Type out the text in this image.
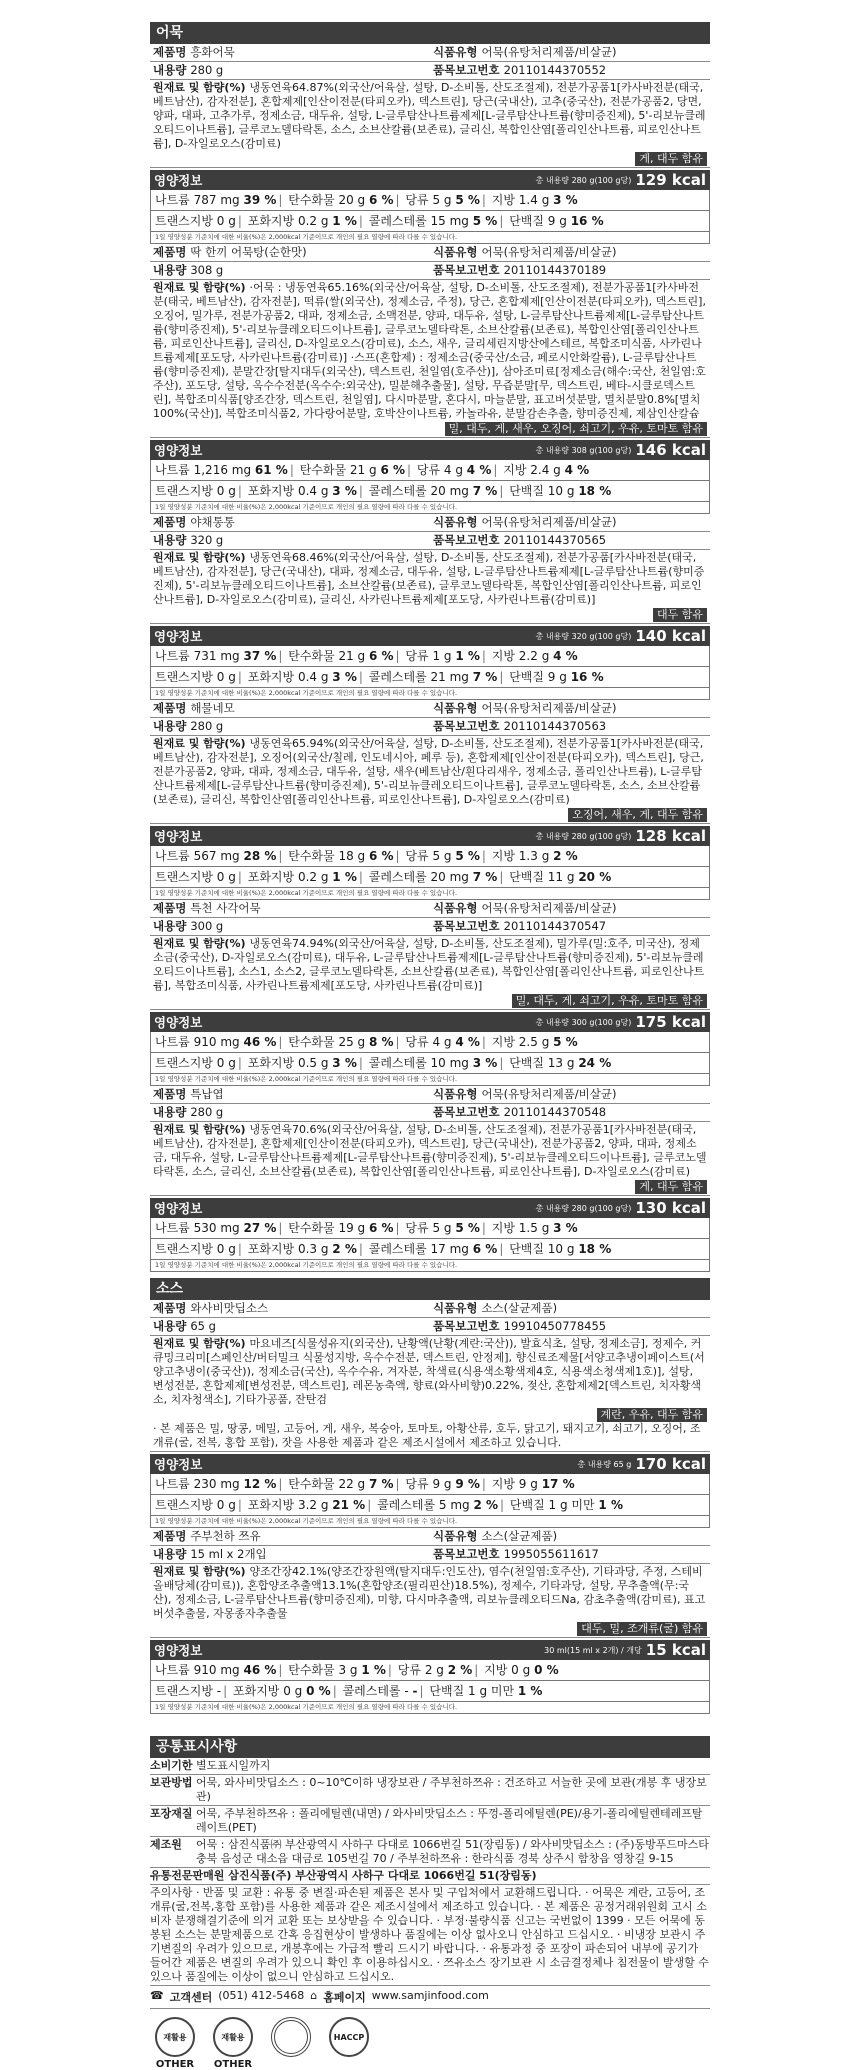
어묵
제품명 흥화어묵	식품유형 어묵(유탕처리제품/비살균)
내용량 280 g	품목보고번호 20110144370552
원재료 및 함량(%) 냉동연육64.87%(외국산/어육살, 설탕, D-소비톨, 산도조절제), 전분가공품1[카사바전분(태국, 베트남산), 감자전분], 혼합제제[인산이전분(타피오카), 덱스트린], 당근(국내산), 고추(중국산), 전분가공품2, 당면, 양파, 대파, 고추가루, 정제소금, 대두유, 설탕, L-글루탐산나트륨제제[L-글루탐산나트륨(향미증진제), 5'-리보뉴클레오티드이나트륨], 글루코노델타락톤, 소스, 소브산칼륨(보존료), 글리신, 복합인산염[폴리인산나트륨, 피로인산나트륨], D-자일로오스(감미료)
게, 대두 함유
영양정보	총 내용량 280 g(100 g당) 129 kcal
나트륨 787 mg 39 % | 탄수화물 20 g 6 % | 당류 5 g 5 % | 지방 1.4 g 3 %
트랜스지방 0 g | 포화지방 0.2 g 1 % | 콜레스테롤 15 mg 5 % | 단백질 9 g 16 %
1일 영양성분 기준치에 대한 비율(%)은 2,000kcal 기준이므로 개인의 필요 열량에 따라 다를 수 있습니다.
제품명 딱 한끼 어묵탕(순한맛)	식품유형 어묵(유탕처리제품/비살균)
내용량 308 g	품목보고번호 20110144370189
원재료 및 함량(%) ·어묵 : 냉동연육65.16%(외국산/어육살, 설탕, D-소비톨, 산도조절제), 전분가공품1[카사바전분(태국, 베트남산), 감자전분], 떡류(쌀(외국산), 정제소금, 주정), 당근, 혼합제제[인산이전분(타피오카), 덱스트린], 오징어, 밀가루, 전분가공품2, 대파, 정제소금, 소맥전분, 양파, 대두유, 설탕, L-글루탐산나트륨제제[L-글루탐산나트륨(향미증진제), 5'-리보뉴클레오티드이나트륨], 글루코노델타락톤, 소브산칼륨(보존료), 복합인산염[폴리인산나트륨, 피로인산나트륨], 글리신, D-자일로오스(감미료), 소스, 새우, 글리세린지방산에스테르, 복합조미식품, 사카린나트륨제제[포도당, 사카린나트륨(감미료)] ·스프(혼합제) : 정제소금(중국산/소금, 페로시안화칼륨), L-글루탐산나트륨(향미증진제), 분말간장[탈지대두(외국산), 덱스트린, 천일염(호주산)], 삼아조미료[정제소금(해수:국산, 천일염:호주산), 포도당, 설탕, 옥수수전분(옥수수:외국산), 밀분해추출물], 설탕, 무즙분말[무, 덱스트린, 베타-시클로덱스트린], 복합조미식품[양조간장, 덱스트린, 천일염], 다시마분말, 혼다시, 마늘분말, 표고버섯분말, 멸치분말0.8%[멸치100%(국산)], 복합조미식품2, 가다랑어분말, 호박산이나트륨, 카놀라유, 분말감손추출, 향미증진제, 제삼인산칼슘
밀, 대두, 게, 새우, 오징어, 쇠고기, 우유, 토마토 함유
영양정보	총 내용량 308 g(100 g당) 146 kcal
나트륨 1,216 mg 61 % | 탄수화물 21 g 6 % | 당류 4 g 4 % | 지방 2.4 g 4 %
트랜스지방 0 g | 포화지방 0.4 g 3 % | 콜레스테롤 20 mg 7 % | 단백질 10 g 18 %
1일 영양성분 기준치에 대한 비율(%)은 2,000kcal 기준이므로 개인의 필요 열량에 따라 다를 수 있습니다.
제품명 야채통통	식품유형 어묵(유탕처리제품/비살균)
내용량 320 g	품목보고번호 20110144370565
원재료 및 함량(%) 냉동연육68.46%(외국산/어육살, 설탕, D-소비톨, 산도조절제), 전분가공품[카사바전분(태국, 베트남산), 감자전분], 당근(국내산), 대파, 정제소금, 대두유, 설탕, L-글루탐산나트륨제제[L-글루탐산나트륨(향미증진제), 5'-리보뉴클레오티드이나트륨], 소브산칼륨(보존료), 글루코노델타락톤, 복합인산염[폴리인산나트륨, 피로인산나트륨], D-자일로오스(감미료), 글리신, 사카린나트륨제제[포도당, 사카린나트륨(감미료)]
대두 함유
영양정보	총 내용량 320 g(100 g당) 140 kcal
나트륨 731 mg 37 % | 탄수화물 21 g 6 % | 당류 1 g 1 % | 지방 2.2 g 4 %
트랜스지방 0 g | 포화지방 0.4 g 3 % | 콜레스테롤 21 mg 7 % | 단백질 9 g 16 %
1일 영양성분 기준치에 대한 비율(%)은 2,000kcal 기준이므로 개인의 필요 열량에 따라 다를 수 있습니다.
제품명 해물네모	식품유형 어묵(유탕처리제품/비살균)
내용량 280 g	품목보고번호 20110144370563
원재료 및 함량(%) 냉동연육65.94%(외국산/어육살, 설탕, D-소비톨, 산도조절제), 전분가공품1[카사바전분(태국, 베트남산), 감자전분], 오징어(외국산/칠레, 인도네시아, 페루 등), 혼합제제[인산이전분(타피오카), 덱스트린], 당근, 전분가공품2, 양파, 대파, 정제소금, 대두유, 설탕, 새우(베트남산/흰다리새우, 정제소금, 폴리인산나트륨), L-글루탐산나트륨제제[L-글루탐산나트륨(향미증진제), 5'-리보뉴클레오티드이나트륨], 글루코노델타락톤, 소스, 소브산칼륨(보존료), 글리신, 복합인산염[폴리인산나트륨, 피로인산나트륨], D-자일로오스(감미료)
오징어, 새우, 게, 대두 함유
영양정보	총 내용량 280 g(100 g당) 128 kcal
나트륨 567 mg 28 % | 탄수화물 18 g 6 % | 당류 5 g 5 % | 지방 1.3 g 2 %
트랜스지방 0 g | 포화지방 0.2 g 1 % | 콜레스테롤 20 mg 7 % | 단백질 11 g 20 %
1일 영양성분 기준치에 대한 비율(%)은 2,000kcal 기준이므로 개인의 필요 열량에 따라 다를 수 있습니다.
제품명 특천 사각어묵	식품유형 어묵(유탕처리제품/비살균)
내용량 300 g	품목보고번호 20110144370547
원재료 및 함량(%) 냉동연육74.94%(외국산/어육살, 설탕, D-소비톨, 산도조절제), 밀가루(밀:호주, 미국산), 정제소금(중국산), D-자일로오스(감미료), 대두유, L-글루탐산나트륨제제[L-글루탐산나트륨(향미증진제), 5'-리보뉴클레오티드이나트륨], 소스1, 소스2, 글루코노델타락톤, 소브산칼륨(보존료), 복합인산염[폴리인산나트륨, 피로인산나트륨], 복합조미식품, 사카린나트륨제제[포도당, 사카린나트륨(감미료)]
밀, 대두, 게, 쇠고기, 우유, 토마토 함유
영양정보	총 내용량 300 g(100 g당) 175 kcal
나트륨 910 mg 46 % | 탄수화물 25 g 8 % | 당류 4 g 4 % | 지방 2.5 g 5 %
트랜스지방 0 g | 포화지방 0.5 g 3 % | 콜레스테롤 10 mg 3 % | 단백질 13 g 24 %
1일 영양성분 기준치에 대한 비율(%)은 2,000kcal 기준이므로 개인의 필요 열량에 따라 다를 수 있습니다.
제품명 특납엽	식품유형 어묵(유탕처리제품/비살균)
내용량 280 g	품목보고번호 20110144370548
원재료 및 함량(%) 냉동연육70.6%(외국산/어육살, 설탕, D-소비톨, 산도조절제), 전분가공품1[카사바전분(태국, 베트남산), 감자전분], 혼합제제[인산이전분(타피오카), 덱스트린], 당근(국내산), 전분가공품2, 양파, 대파, 정제소금, 대두유, 설탕, L-글루탐산나트륨제제[L-글루탐산나트륨(향미증진제), 5'-리보뉴클레오티드이나트륨], 글루코노델타락톤, 소스, 글리신, 소브산칼륨(보존료), 복합인산염[폴리인산나트륨, 피로인산나트륨], D-자일로오스(감미료)
게, 대두 함유
영양정보	총 내용량 280 g(100 g당) 130 kcal
나트륨 530 mg 27 % | 탄수화물 19 g 6 % | 당류 5 g 5 % | 지방 1.5 g 3 %
트랜스지방 0 g | 포화지방 0.3 g 2 % | 콜레스테롤 17 mg 6 % | 단백질 10 g 18 %
1일 영양성분 기준치에 대한 비율(%)은 2,000kcal 기준이므로 개인의 필요 열량에 따라 다를 수 있습니다.
소스
제품명 와사비맛딥소스	식품유형 소스(살균제품)
내용량 65 g	품목보고번호 19910450778455
원재료 및 함량(%) 마요네즈[식물성유지(외국산), 난황액(난황(계란:국산)), 발효식초, 설탕, 정제소금], 정제수, 커큐밍크리미[스페인산/버터밀크 식물성지방, 옥수수전분, 덱스트린, 안정제], 향신료조제물[서양고추냉이페이스트(서양고추냉이(중국산)), 정제소금(국산), 옥수수유, 겨자분, 착색료(식용색소황색제4호, 식용색소청색제1호)], 설탕, 변성전분, 혼합제제[변성전분, 덱스트린], 레몬농축액, 향료(와사비향)0.22%, 젖산, 혼합제제2[덱스트린, 치자황색소, 치자청색소], 기타가공품, 잔탄검
계란, 우유, 대두 함유
· 본 제품은 밀, 땅콩, 메밀, 고등어, 게, 새우, 복숭아, 토마토, 아황산류, 호두, 닭고기, 돼지고기, 쇠고기, 오징어, 조개류(굴, 전복, 홍합 포함), 잣을 사용한 제품과 같은 제조시설에서 제조하고 있습니다.
영양정보	총 내용량 65 g 170 kcal
나트륨 230 mg 12 % | 탄수화물 22 g 7 % | 당류 9 g 9 % | 지방 9 g 17 %
트랜스지방 0 g | 포화지방 3.2 g 21 % | 콜레스테롤 5 mg 2 % | 단백질 1 g 미만 1 %
1일 영양성분 기준치에 대한 비율(%)은 2,000kcal 기준이므로 개인의 필요 열량에 따라 다를 수 있습니다.
제품명 주부천하 쯔유	식품유형 소스(살균제품)
내용량 15 ml x 2개입	품목보고번호 1995055611617
원재료 및 함량(%) 양조간장42.1%(양조간장원액(탈지대두:인도산), 염수(천일염:호주산), 기타과당, 주정, 스테비올배당체(감미료)), 혼합양조추출액13.1%(혼합양조(필리핀산)18.5%), 정제수, 기타과당, 설탕, 무추출액(무:국산), 정제소금, L-글루탐산나트륨(향미증진제), 미향, 다시마추출액, 리보뉴클레오티드Na, 감초추출액(감미료), 표고버섯추출물, 자몽종자추출물
대두, 밀, 조개류(굴) 함유
영양정보	30 ml(15 ml x 2개) / 개당 15 kcal
나트륨 910 mg 46 % | 탄수화물 3 g 1 % | 당류 2 g 2 % | 지방 0 g 0 %
트랜스지방 - | 포화지방 0 g 0 % | 콜레스테롤 - - | 단백질 1 g 미만 1 %
1일 영양성분 기준치에 대한 비율(%)은 2,000kcal 기준이므로 개인의 필요 열량에 따라 다를 수 있습니다.
공통표시사항
소비기한 별도표시일까지
보관방법 어묵, 와사비맛딥소스 : 0~10℃이하 냉장보관 / 주부천하쯔유 : 건조하고 서늘한 곳에 보관(개봉 후 냉장보관)
포장재질 어묵, 주부천하쯔유 : 폴리에틸렌(내면) / 와사비맛딥소스 : 뚜껑-폴리에틸렌(PE)/용기-폴리에틸렌테레프탈레이트(PET)
제조원	어묵 : 삼진식품㈜ 부산광역시 사하구 다대로 1066번길 51(장림동) / 와사비맛딥소스 : (주)동방푸드마스타 충북 음성군 대소읍 대금로 105번길 70 / 주부천하쯔유 : 한라식품 경북 상주시 함창읍 영창길 9-15
유통전문판매원 삼진식품(주) 부산광역시 사하구 다대로 1066번길 51(장림동)
주의사항 · 반품 및 교환 : 유통 중 변질·파손된 제품은 본사 및 구입처에서 교환해드립니다. · 어묵은 계란, 고등어, 조개류(굴,전복,홍합 포함)를 사용한 제품과 같은 제조시설에서 제조하고 있습니다. · 본 제품은 공정거래위원회 고시 소비자 분쟁해결기준에 의거 교환 또는 보상받을 수 있습니다. · 부정·불량식품 신고는 국번없이 1399 · 모든 어묵에 동봉된 소스는 분말제품으로 간혹 응집현상이 발생하나 품질에는 이상 없사오니 안심하고 드십시오. · 비냉장 보관시 주기변질의 우려가 있으므로, 개봉후에는 가급적 빨리 드시기 바랍니다. · 유통과정 중 포장이 파손되어 내부에 공기가 들어간 제품은 변질의 우려가 있으니 확인 후 이용하십시오. · 쯔유소스 장기보관 시 소금결정체나 침전물이 발생할 수 있으나 품질에는 이상이 없으니 안심하고 드십시오.
☎ 고객센터 (051) 412-5468 ⌂ 홈페이지 www.samjinfood.com
재활용
OTHER
재활용
OTHER
HACCP
